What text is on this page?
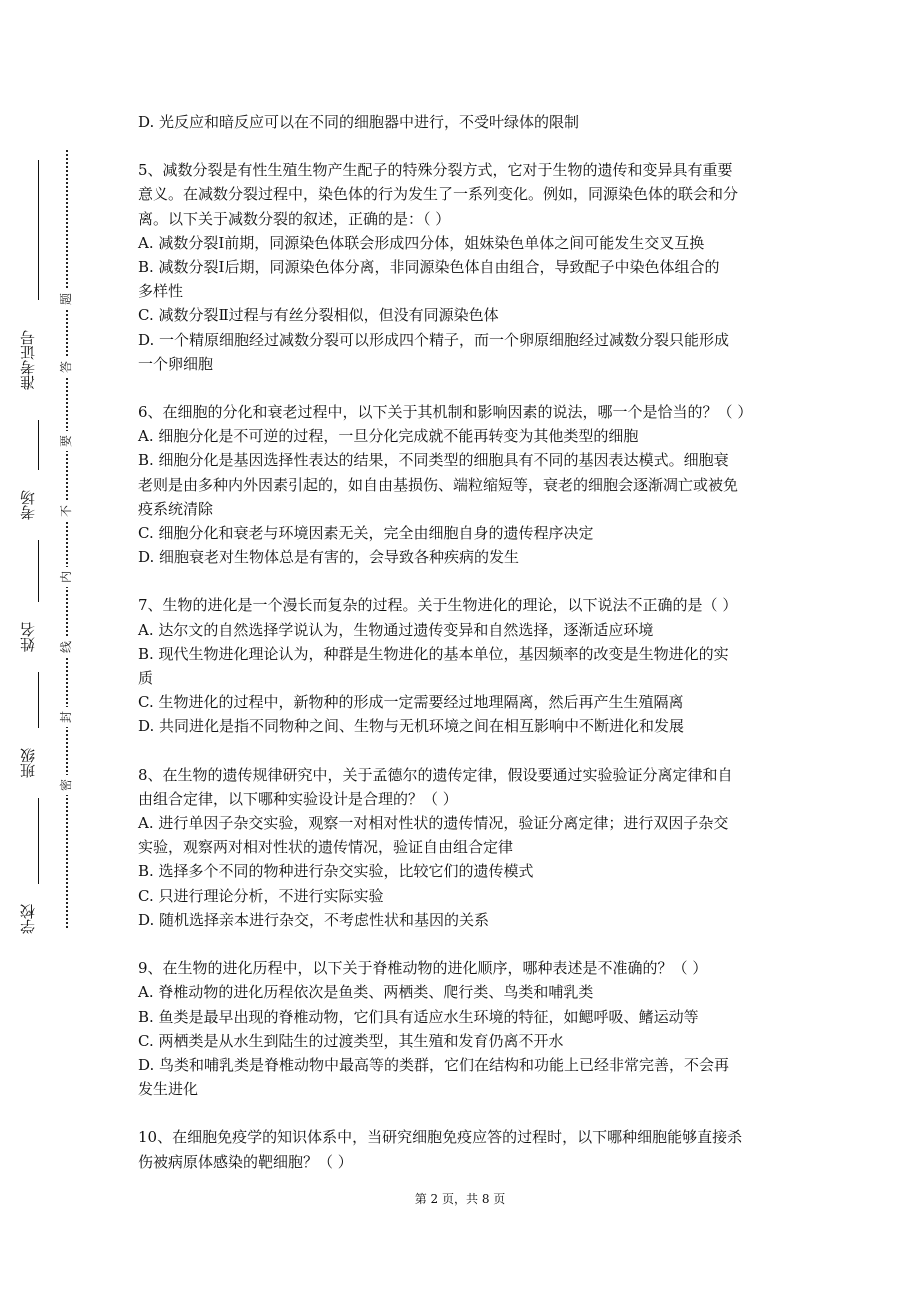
准考证号
考场
姓名
班级
学校
题
答
要
不
内
线
封
密
D. 光反应和暗反应可以在不同的细胞器中进行，不受叶绿体的限制
5、减数分裂是有性生殖生物产生配子的特殊分裂方式，它对于生物的遗传和变异具有重要
意义。在减数分裂过程中，染色体的行为发生了一系列变化。例如，同源染色体的联会和分
离。以下关于减数分裂的叙述，正确的是：（ ）
A. 减数分裂Ⅰ前期，同源染色体联会形成四分体，姐妹染色单体之间可能发生交叉互换
B. 减数分裂Ⅰ后期，同源染色体分离，非同源染色体自由组合，导致配子中染色体组合的
多样性
C. 减数分裂Ⅱ过程与有丝分裂相似，但没有同源染色体
D. 一个精原细胞经过减数分裂可以形成四个精子，而一个卵原细胞经过减数分裂只能形成
一个卵细胞
6、在细胞的分化和衰老过程中，以下关于其机制和影响因素的说法，哪一个是恰当的？（ ）
A. 细胞分化是不可逆的过程，一旦分化完成就不能再转变为其他类型的细胞
B. 细胞分化是基因选择性表达的结果，不同类型的细胞具有不同的基因表达模式。细胞衰
老则是由多种内外因素引起的，如自由基损伤、端粒缩短等，衰老的细胞会逐渐凋亡或被免
疫系统清除
C. 细胞分化和衰老与环境因素无关，完全由细胞自身的遗传程序决定
D. 细胞衰老对生物体总是有害的，会导致各种疾病的发生
7、生物的进化是一个漫长而复杂的过程。关于生物进化的理论，以下说法不正确的是（ ）
A. 达尔文的自然选择学说认为，生物通过遗传变异和自然选择，逐渐适应环境
B. 现代生物进化理论认为，种群是生物进化的基本单位，基因频率的改变是生物进化的实
质
C. 生物进化的过程中，新物种的形成一定需要经过地理隔离，然后再产生生殖隔离
D. 共同进化是指不同物种之间、生物与无机环境之间在相互影响中不断进化和发展
8、在生物的遗传规律研究中，关于孟德尔的遗传定律，假设要通过实验验证分离定律和自
由组合定律，以下哪种实验设计是合理的？（ ）
A. 进行单因子杂交实验，观察一对相对性状的遗传情况，验证分离定律；进行双因子杂交
实验，观察两对相对性状的遗传情况，验证自由组合定律
B. 选择多个不同的物种进行杂交实验，比较它们的遗传模式
C. 只进行理论分析，不进行实际实验
D. 随机选择亲本进行杂交，不考虑性状和基因的关系
9、在生物的进化历程中，以下关于脊椎动物的进化顺序，哪种表述是不准确的？（ ）
A. 脊椎动物的进化历程依次是鱼类、两栖类、爬行类、鸟类和哺乳类
B. 鱼类是最早出现的脊椎动物，它们具有适应水生环境的特征，如鳃呼吸、鳍运动等
C. 两栖类是从水生到陆生的过渡类型，其生殖和发育仍离不开水
D. 鸟类和哺乳类是脊椎动物中最高等的类群，它们在结构和功能上已经非常完善，不会再
发生进化
10、在细胞免疫学的知识体系中，当研究细胞免疫应答的过程时，以下哪种细胞能够直接杀
伤被病原体感染的靶细胞？（ ）
第 2 页，共 8 页
